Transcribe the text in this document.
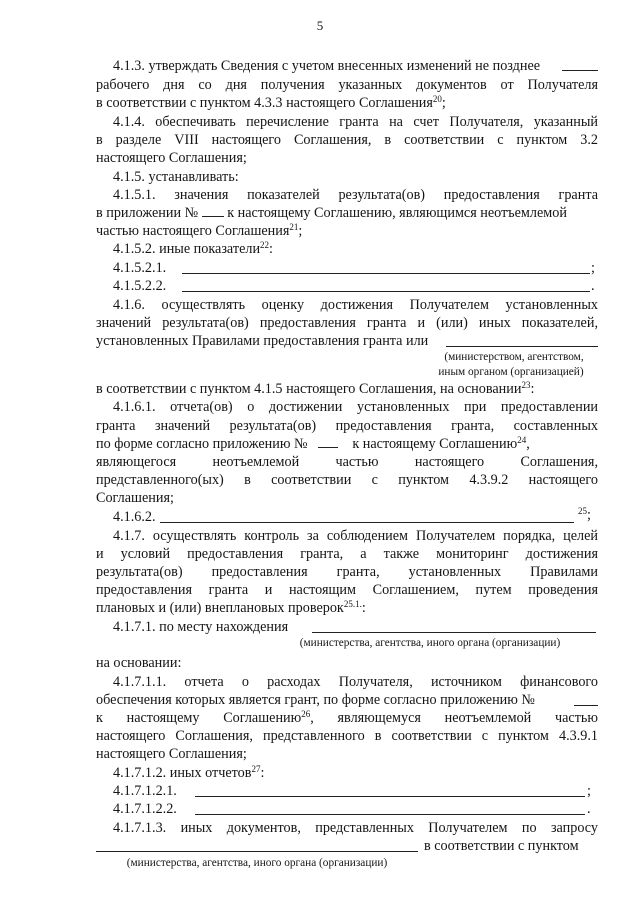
5
4.1.3. утверждать Сведения с учетом внесенных изменений не позднее
рабочего дня со дня получения указанных документов от Получателя
в соответствии с пунктом 4.3.3 настоящего Соглашения$^{20}$;
4.1.4. обеспечивать перечисление гранта на счет Получателя, указанный
в разделе VIII настоящего Соглашения, в соответствии с пунктом 3.2
настоящего Соглашения;
4.1.5. устанавливать:
4.1.5.1. значения показателей результата(ов) предоставления гранта
в приложении № к настоящему Соглашению, являющимся неотъемлемой
частью настоящего Соглашения$^{21}$;
4.1.5.2. иные показатели$^{22}$:
4.1.5.2.1.	;
4.1.5.2.2.	.
4.1.6. осуществлять оценку достижения Получателем установленных
значений результата(ов) предоставления гранта и (или) иных показателей,
установленных Правилами предоставления гранта или
(министерством, агентством,
иным органом (организацией)
в соответствии с пунктом 4.1.5 настоящего Соглашения, на основании$^{23}$:
4.1.6.1. отчета(ов) о достижении установленных при предоставлении
гранта значений результата(ов) предоставления гранта, составленных
по форме согласно приложению №	к настоящему Соглашению$^{24}$,
являющегося неотъемлемой частью настоящего Соглашения,
представленного(ых) в соответствии с пунктом 4.3.9.2 настоящего
Соглашения;
4.1.6.2.	$^{25}$;
4.1.7. осуществлять контроль за соблюдением Получателем порядка, целей
и условий предоставления гранта, а также мониторинг достижения
результата(ов) предоставления гранта, установленных Правилами
предоставления гранта и настоящим Соглашением, путем проведения
плановых и (или) внеплановых проверок$^{25.1.}$:
4.1.7.1. по месту нахождения
(министерства, агентства, иного органа (организации)
на основании:
4.1.7.1.1. отчета о расходах Получателя, источником финансового
обеспечения которых является грант, по форме согласно приложению №
к настоящему Соглашению$^{26}$, являющемуся неотъемлемой частью
настоящего Соглашения, представленного в соответствии с пунктом 4.3.9.1
настоящего Соглашения;
4.1.7.1.2. иных отчетов$^{27}$:
4.1.7.1.2.1.	;
4.1.7.1.2.2.	.
4.1.7.1.3. иных документов, представленных Получателем по запросу
в соответствии с пунктом
(министерства, агентства, иного органа (организации)
